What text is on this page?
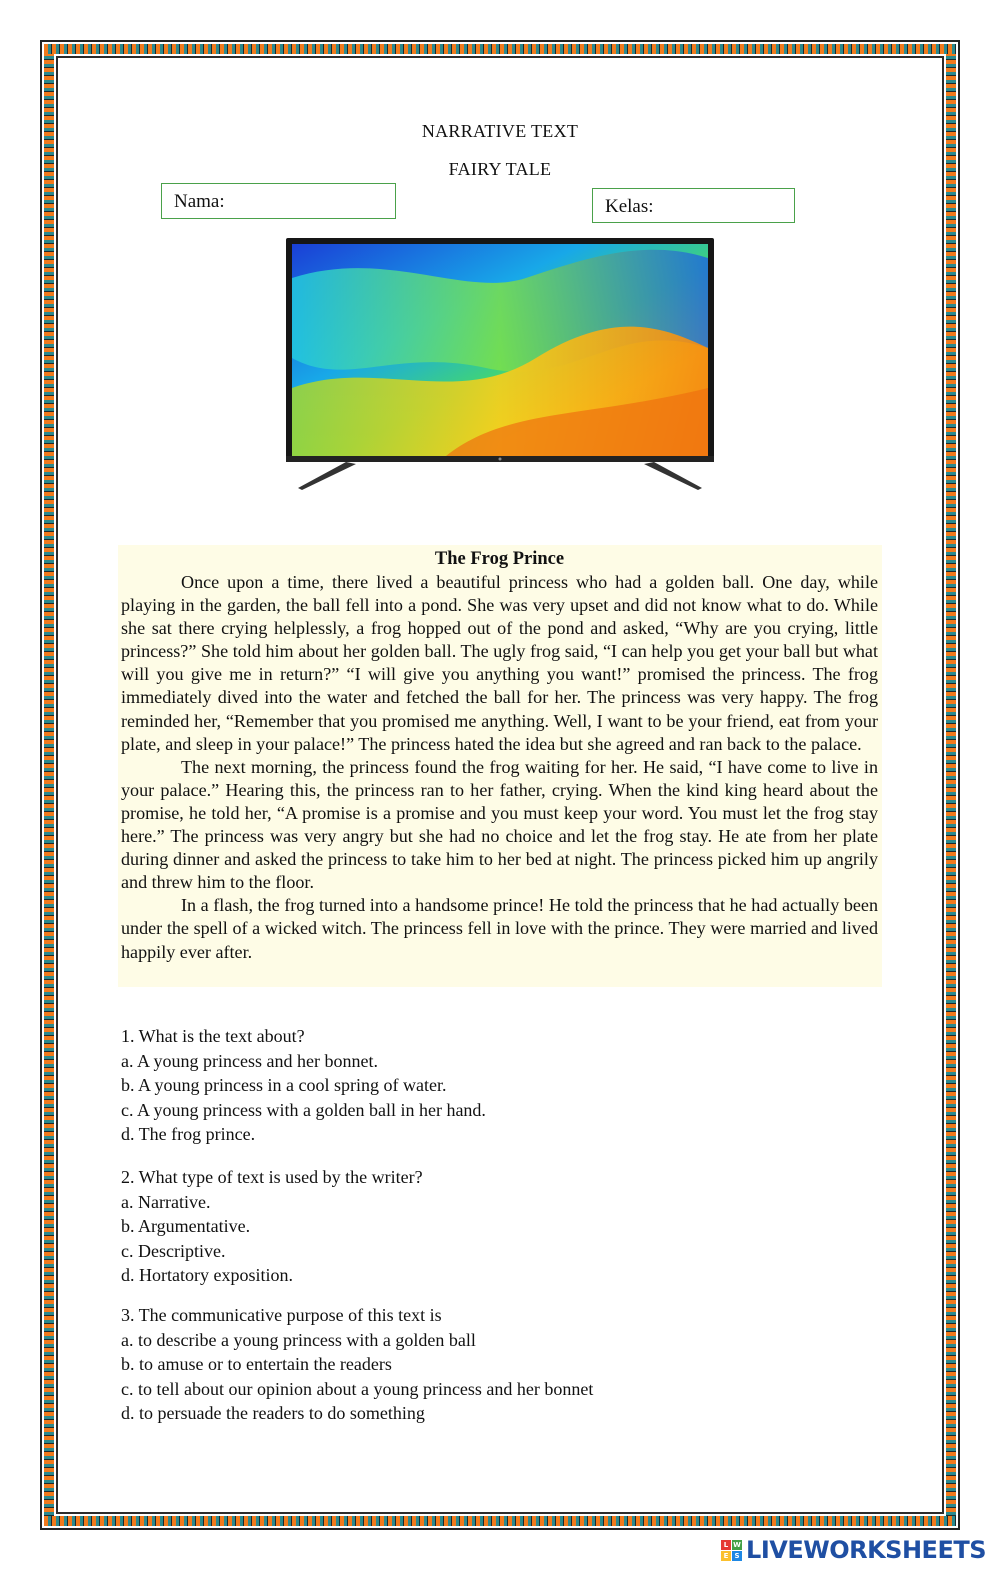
NARRATIVE TEXT
FAIRY TALE
Nama:	Kelas:
The Frog Prince

Once upon a time, there lived a beautiful princess who had a golden ball. One day, while playing in the garden, the ball fell into a pond. She was very upset and did not know what to do. While she sat there crying helplessly, a frog hopped out of the pond and asked, “Why are you crying, little princess?” She told him about her golden ball. The ugly frog said, “I can help you get your ball but what will you give me in return?” “I will give you anything you want!” promised the princess. The frog immediately dived into the water and fetched the ball for her. The princess was very happy. The frog reminded her, “Remember that you promised me anything. Well, I want to be your friend, eat from your plate, and sleep in your palace!” The princess hated the idea but she agreed and ran back to the palace.

The next morning, the princess found the frog waiting for her. He said, “I have come to live in your palace.” Hearing this, the princess ran to her father, crying. When the kind king heard about the promise, he told her, “A promise is a promise and you must keep your word. You must let the frog stay here.” The princess was very angry but she had no choice and let the frog stay. He ate from her plate during dinner and asked the princess to take him to her bed at night. The princess picked him up angrily and threw him to the floor.

In a flash, the frog turned into a handsome prince! He told the princess that he had actually been under the spell of a wicked witch. The princess fell in love with the prince. They were married and lived happily ever after.

1. What is the text about?
a. A young princess and her bonnet.
b. A young princess in a cool spring of water.
c. A young princess with a golden ball in her hand.
d. The frog prince.
2. What type of text is used by the writer?
a. Narrative.
b. Argumentative.
c. Descriptive.
d. Hortatory exposition.
3. The communicative purpose of this text is
a. to describe a young princess with a golden ball
b. to amuse or to entertain the readers
c. to tell about our opinion about a young princess and her bonnet
d. to persuade the readers to do something
L W
E S LIVEWORKSHEETS
